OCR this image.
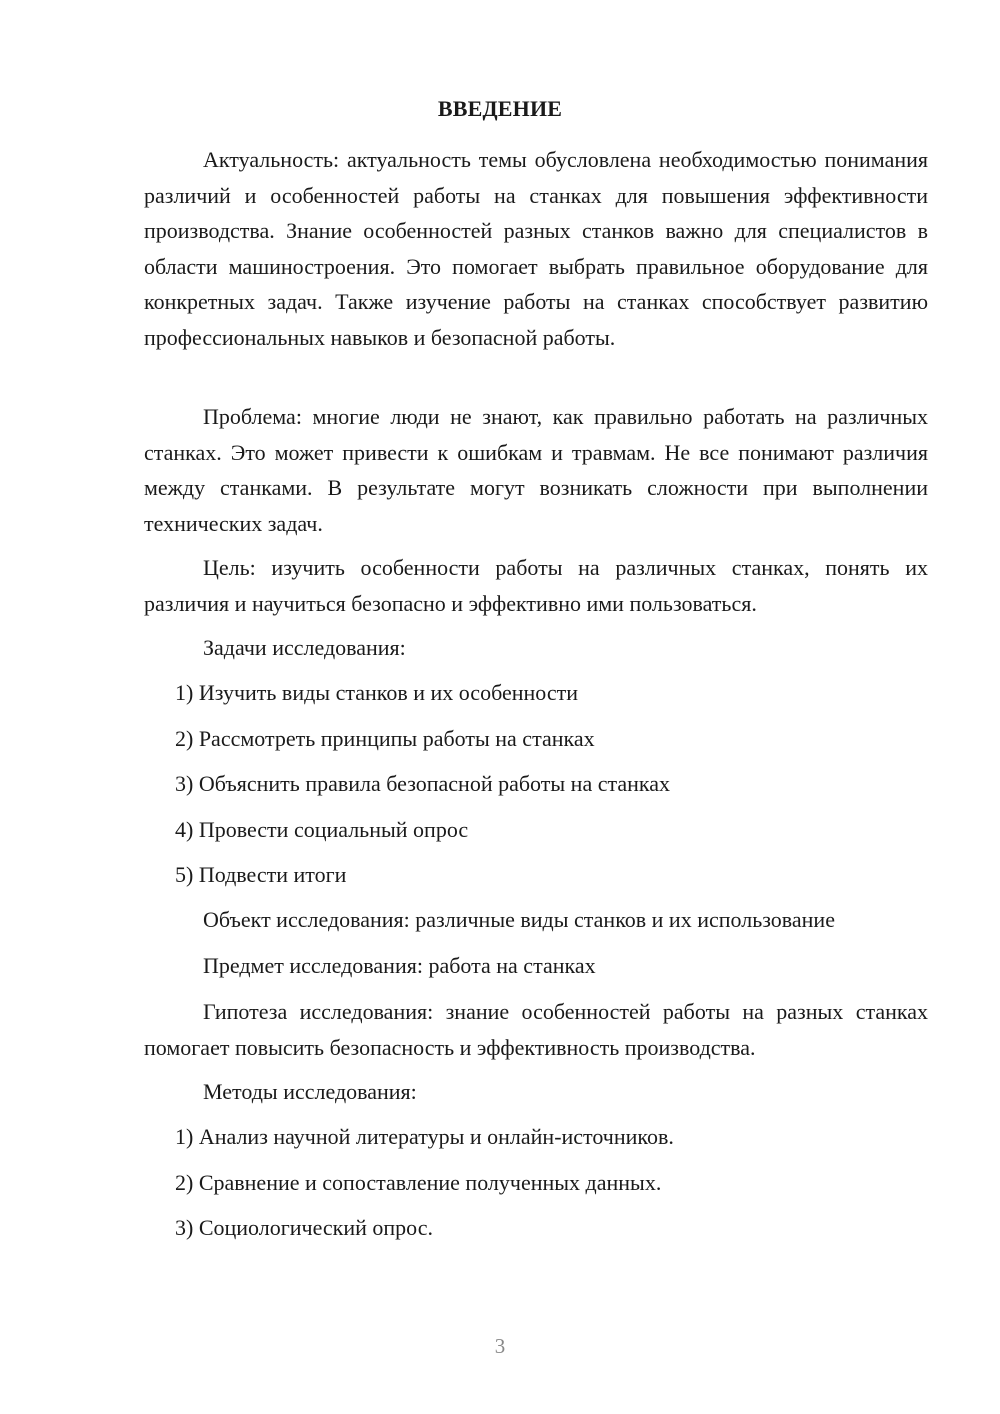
ВВЕДЕНИЕ

Актуальность: актуальность темы обусловлена необходимостью понимания различий и особенностей работы на станках для повышения эффективности производства. Знание особенностей разных станков важно для специалистов в области машиностроения. Это помогает выбрать правильное оборудование для конкретных задач. Также изучение работы на станках способствует развитию профессиональных навыков и безопасной работы.

Проблема: многие люди не знают, как правильно работать на различных станках. Это может привести к ошибкам и травмам. Не все понимают различия между станками. В результате могут возникать сложности при выполнении технических задач.

Цель: изучить особенности работы на различных станках, понять их различия и научиться безопасно и эффективно ими пользоваться.

Задачи исследования:
1) Изучить виды станков и их особенности
2) Рассмотреть принципы работы на станках
3) Объяснить правила безопасной работы на станках
4) Провести социальный опрос
5) Подвести итоги
Объект исследования: различные виды станков и их использование
Предмет исследования: работа на станках

Гипотеза исследования: знание особенностей работы на разных станках помогает повысить безопасность и эффективность производства.

Методы исследования:
1) Анализ научной литературы и онлайн-источников.
2) Сравнение и сопоставление полученных данных.
3) Социологический опрос.
3
